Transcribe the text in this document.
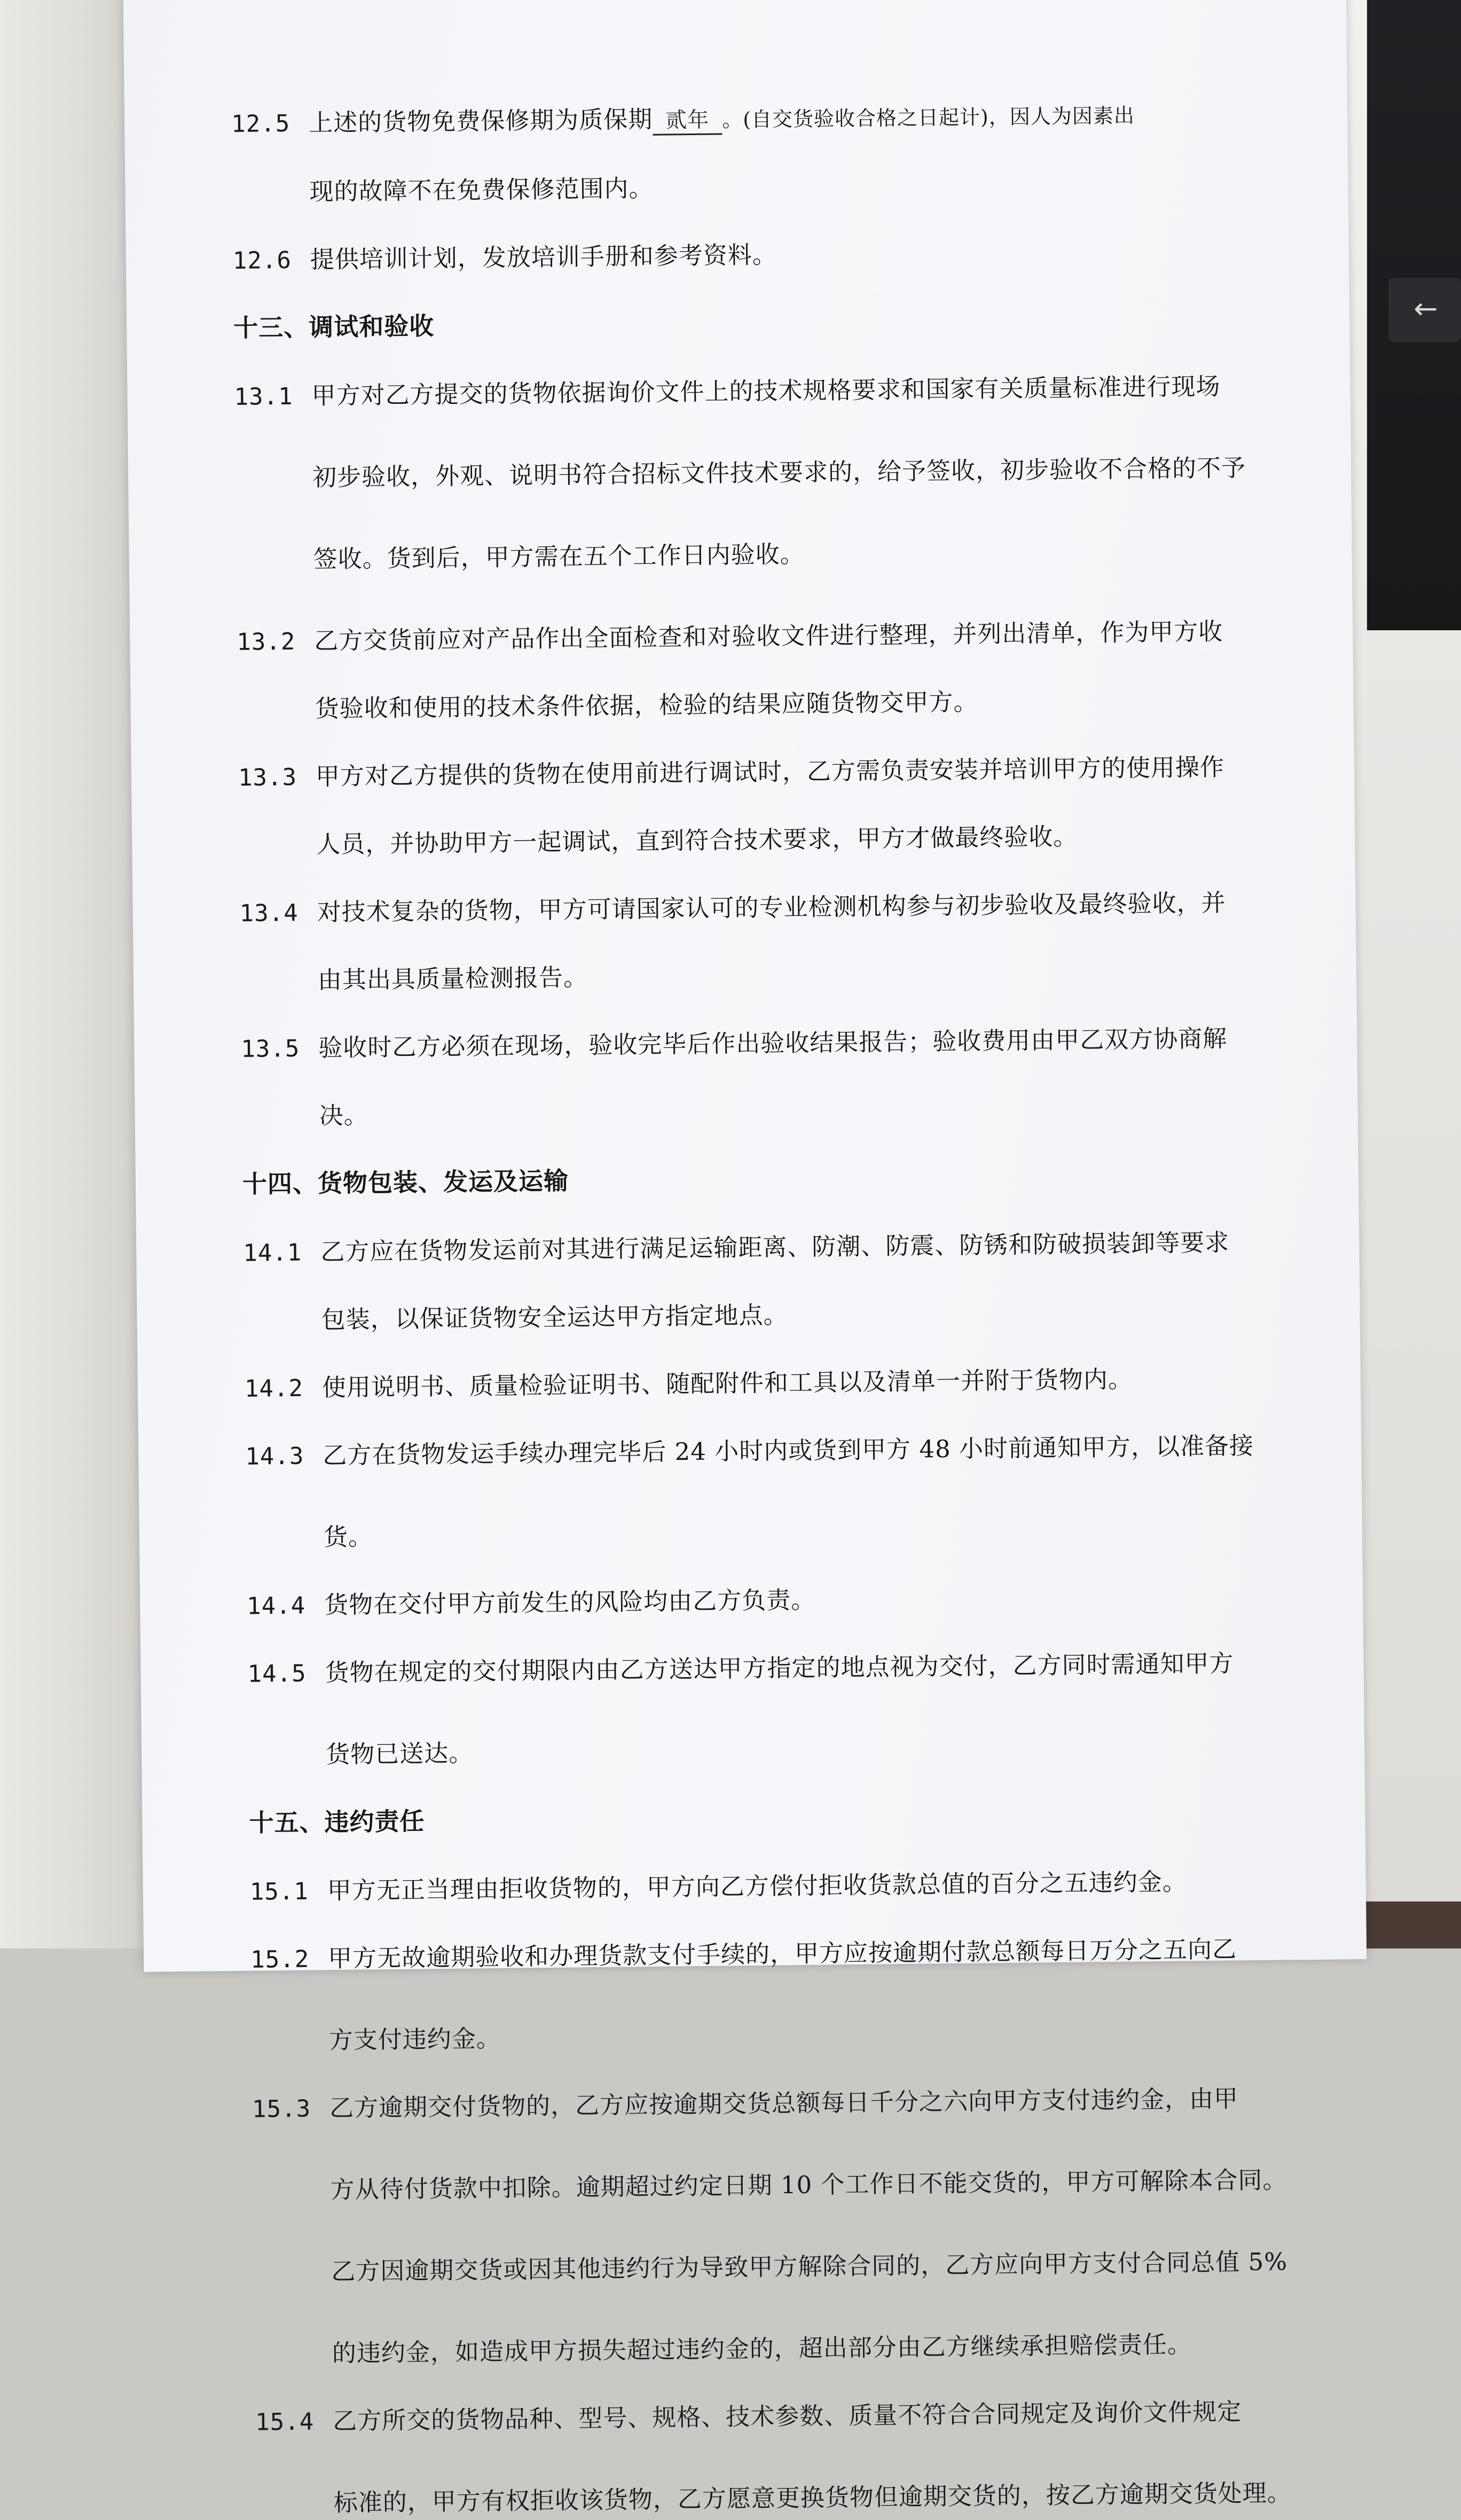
←
12.5 上述的货物免费保修期为质保期 贰年 。(自交货验收合格之日起计)，因人为因素出
现的故障不在免费保修范围内。
12.6 提供培训计划，发放培训手册和参考资料。
十三、调试和验收
13.1 甲方对乙方提交的货物依据询价文件上的技术规格要求和国家有关质量标准进行现场
初步验收，外观、说明书符合招标文件技术要求的，给予签收，初步验收不合格的不予
签收。货到后，甲方需在五个工作日内验收。
13.2 乙方交货前应对产品作出全面检查和对验收文件进行整理，并列出清单，作为甲方收
货验收和使用的技术条件依据，检验的结果应随货物交甲方。
13.3 甲方对乙方提供的货物在使用前进行调试时，乙方需负责安装并培训甲方的使用操作
人员，并协助甲方一起调试，直到符合技术要求，甲方才做最终验收。
13.4 对技术复杂的货物，甲方可请国家认可的专业检测机构参与初步验收及最终验收，并
由其出具质量检测报告。
13.5 验收时乙方必须在现场，验收完毕后作出验收结果报告；验收费用由甲乙双方协商解
决。
十四、货物包装、发运及运输
14.1 乙方应在货物发运前对其进行满足运输距离、防潮、防震、防锈和防破损装卸等要求
包装，以保证货物安全运达甲方指定地点。
14.2 使用说明书、质量检验证明书、随配附件和工具以及清单一并附于货物内。
14.3 乙方在货物发运手续办理完毕后 24 小时内或货到甲方 48 小时前通知甲方，以准备接
货。
14.4 货物在交付甲方前发生的风险均由乙方负责。
14.5 货物在规定的交付期限内由乙方送达甲方指定的地点视为交付，乙方同时需通知甲方
货物已送达。
十五、违约责任
15.1 甲方无正当理由拒收货物的，甲方向乙方偿付拒收货款总值的百分之五违约金。
15.2 甲方无故逾期验收和办理货款支付手续的，甲方应按逾期付款总额每日万分之五向乙
方支付违约金。
15.3 乙方逾期交付货物的，乙方应按逾期交货总额每日千分之六向甲方支付违约金，由甲
方从待付货款中扣除。逾期超过约定日期 10 个工作日不能交货的，甲方可解除本合同。
乙方因逾期交货或因其他违约行为导致甲方解除合同的，乙方应向甲方支付合同总值 5%
的违约金，如造成甲方损失超过违约金的，超出部分由乙方继续承担赔偿责任。
15.4 乙方所交的货物品种、型号、规格、技术参数、质量不符合合同规定及询价文件规定
标准的，甲方有权拒收该货物，乙方愿意更换货物但逾期交货的，按乙方逾期交货处理。
